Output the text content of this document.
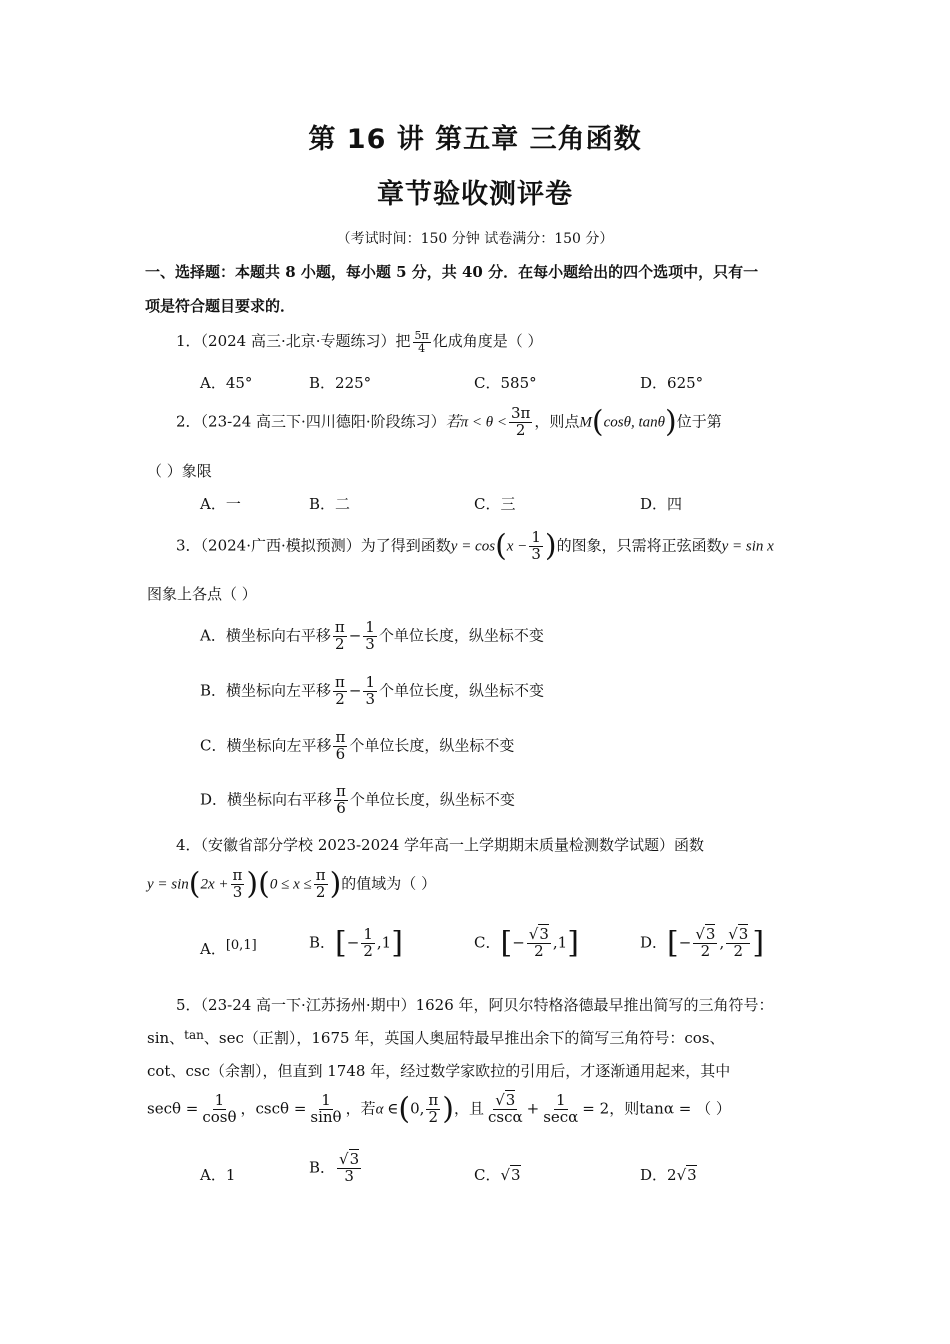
第 16 讲 第五章 三角函数
章节验收测评卷
（考试时间：150 分钟 试卷满分：150 分）
一、选择题：本题共 8 小题，每小题 5 分，共 40 分．在每小题给出的四个选项中，只有一
项是符合题目要求的．
1．（2024 高三·北京·专题练习）把 $\frac{5\pi}{4}$ 化成角度是（ ）
A．45°	B．225°	C．585°	D．625°
2．（23-24 高三下·四川德阳·阶段练习）若$\pi < \theta < \frac{3\pi}{2}$ ，则点M(cosθ, tanθ)位于第
（ ）象限
A．一	B．二	C．三	D．四
3．（2024·广西·模拟预测）为了得到函数$y = \cos(x - \frac{1}{3}$ )的图象，只需将正弦函数y = sin x
图象上各点（ ）
A．横坐标向右平移 $\frac{\pi}{2} - \frac{1}{3}$ 个单位长度，纵坐标不变
B．横坐标向左平移 $\frac{\pi}{2} - \frac{1}{3}$ 个单位长度，纵坐标不变
C．横坐标向左平移 $\frac{\pi}{6}$ 个单位长度，纵坐标不变
D．横坐标向右平移 $\frac{\pi}{6}$ 个单位长度，纵坐标不变
4．（安徽省部分学校 2023-2024 学年高一上学期期末质量检测数学试题）函数
$y = \sin(2x + \frac{\pi}{3} )(0 \le x \le \frac{\pi}{2}$ )的值域为（ ）
A．[0,1]	B．[− $\frac{1}{2} ,1$]	C．[− $\frac{√3}{2} ,1$]	D．[− $\frac{√3}{2}$ , $\frac{√3}{2}$ ]
5．（23-24 高一下·江苏扬州·期中）1626 年，阿贝尔特格洛德最早推出简写的三角符号：
sin、$^{tan}$、sec（正割），1675 年，英国人奥屈特最早推出余下的简写三角符号：cos、
cot、csc（余割），但直到 1748 年，经过数学家欧拉的引用后，才逐渐通用起来，其中
$\sec\theta = \frac{1}{\cos\theta}$ ，$\csc\theta = \frac{1}{\sin\theta}$ ，若α ∈(0, $\frac{\pi}{2}$ )，且 $\frac{√3}{\csc\alpha} + \frac{1}{\sec\alpha} = 2$，则tanα = （ ）
A．1	B． $\frac{√3}{3}$	C．√3	D．2√3
